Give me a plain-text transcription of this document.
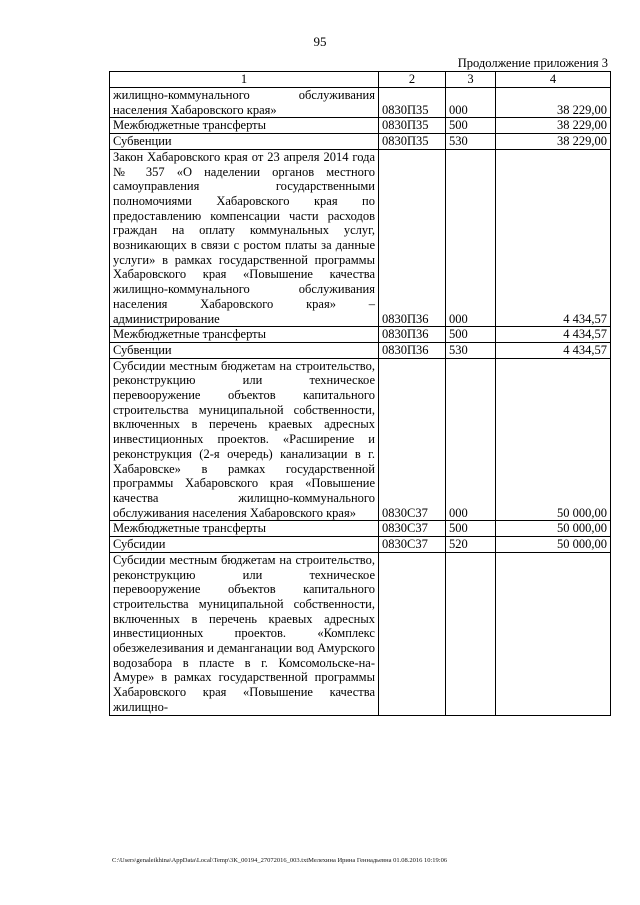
95
Продолжение приложения 3
1	2	3	4
жилищно-коммунального обслуживания населения Хабаровского края»	0830П35	000	38 229,00
Межбюджетные трансферты	0830П35	500	38 229,00
Субвенции	0830П35	530	38 229,00
Закон Хабаровского края от 23 апреля 2014 года № 357 «О наделении органов местного самоуправления государственными полномочиями Хабаровского края по предоставлению компенсации части расходов граждан на оплату коммунальных услуг, возникающих в связи с ростом платы за данные услуги» в рамках государственной программы Хабаровского края «Повышение качества жилищно-коммунального обслуживания населения Хабаровского края» – администрирование	0830П36	000	4 434,57
Межбюджетные трансферты	0830П36	500	4 434,57
Субвенции	0830П36	530	4 434,57
Субсидии местным бюджетам на строительство, реконструкцию или техническое перевооружение объектов капитального строительства муниципальной собственности, включенных в перечень краевых адресных инвестиционных проектов. «Расширение и реконструкция (2-я очередь) канализации в г. Хабаровске» в рамках государственной программы Хабаровского края «Повышение качества жилищно-коммунального обслуживания населения Хабаровского края»	0830С37	000	50 000,00
Межбюджетные трансферты	0830С37	500	50 000,00
Субсидии	0830С37	520	50 000,00
Субсидии местным бюджетам на строительство, реконструкцию или техническое перевооружение объектов капитального строительства муниципальной собственности, включенных в перечень краевых адресных инвестиционных проектов. «Комплекс обезжелезивания и деманганации вод Амурского водозабора в пласте в г. Комсомольске-на-Амуре» в рамках государственной программы Хабаровского края «Повышение качества жилищно-			
C:\Users\genaleikhina\AppData\Local\Temp\3K_00194_27072016_003.txtМелехина Ирина Геннадьевна 01.08.2016 10:19:06
